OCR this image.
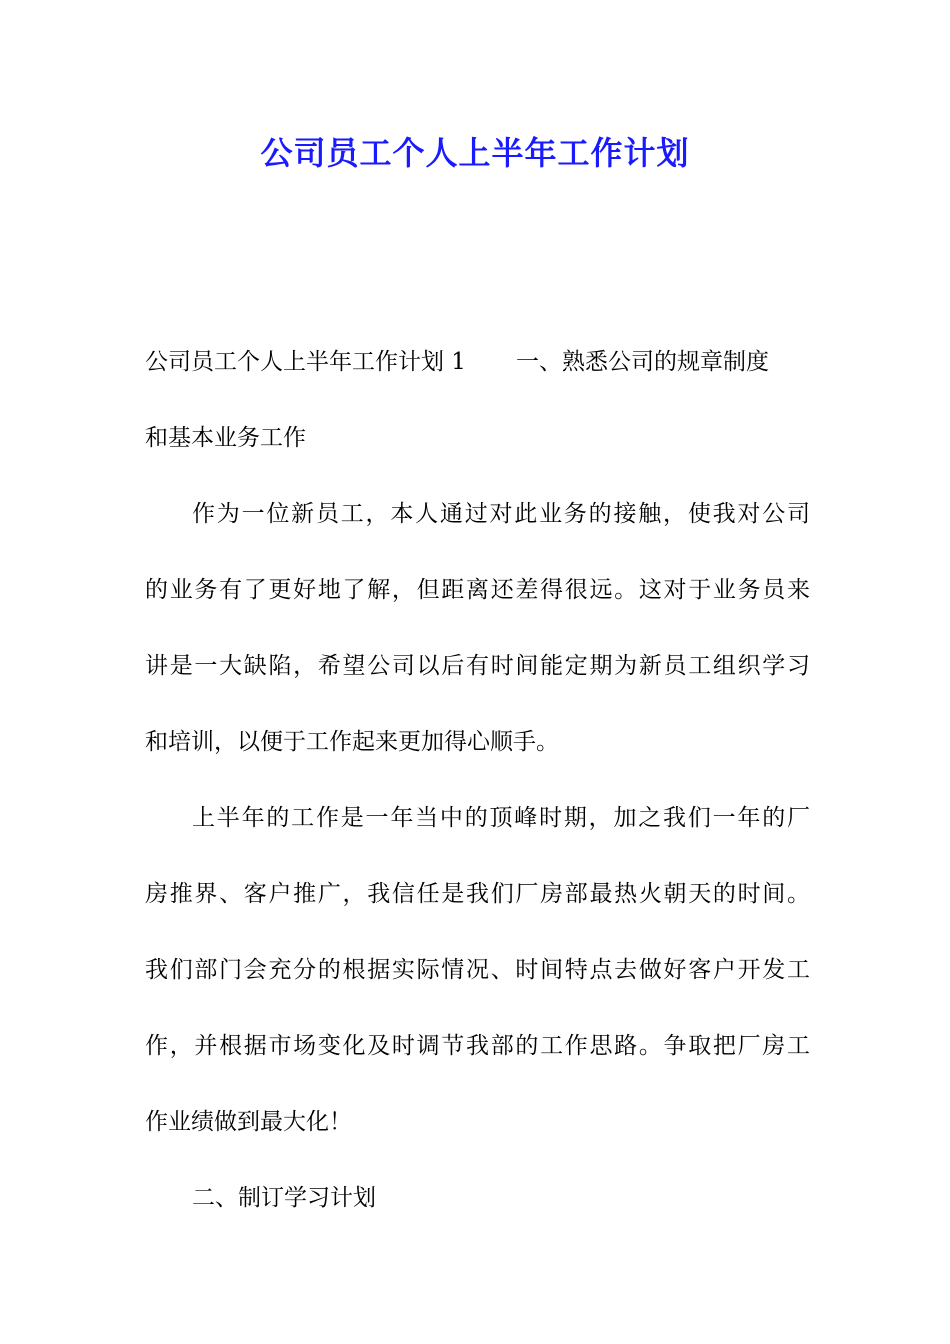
公司员工个人上半年工作计划
公司员工个人上半年工作计划 1 一、熟悉公司的规章制度
和基本业务工作
作为一位新员工，本人通过对此业务的接触，使我对公司
的业务有了更好地了解，但距离还差得很远。这对于业务员来
讲是一大缺陷，希望公司以后有时间能定期为新员工组织学习
和培训，以便于工作起来更加得心顺手。
上半年的工作是一年当中的顶峰时期，加之我们一年的厂
房推界、客户推广，我信任是我们厂房部最热火朝天的时间。
我们部门会充分的根据实际情况、时间特点去做好客户开发工
作，并根据市场变化及时调节我部的工作思路。争取把厂房工
作业绩做到最大化！
二、制订学习计划
